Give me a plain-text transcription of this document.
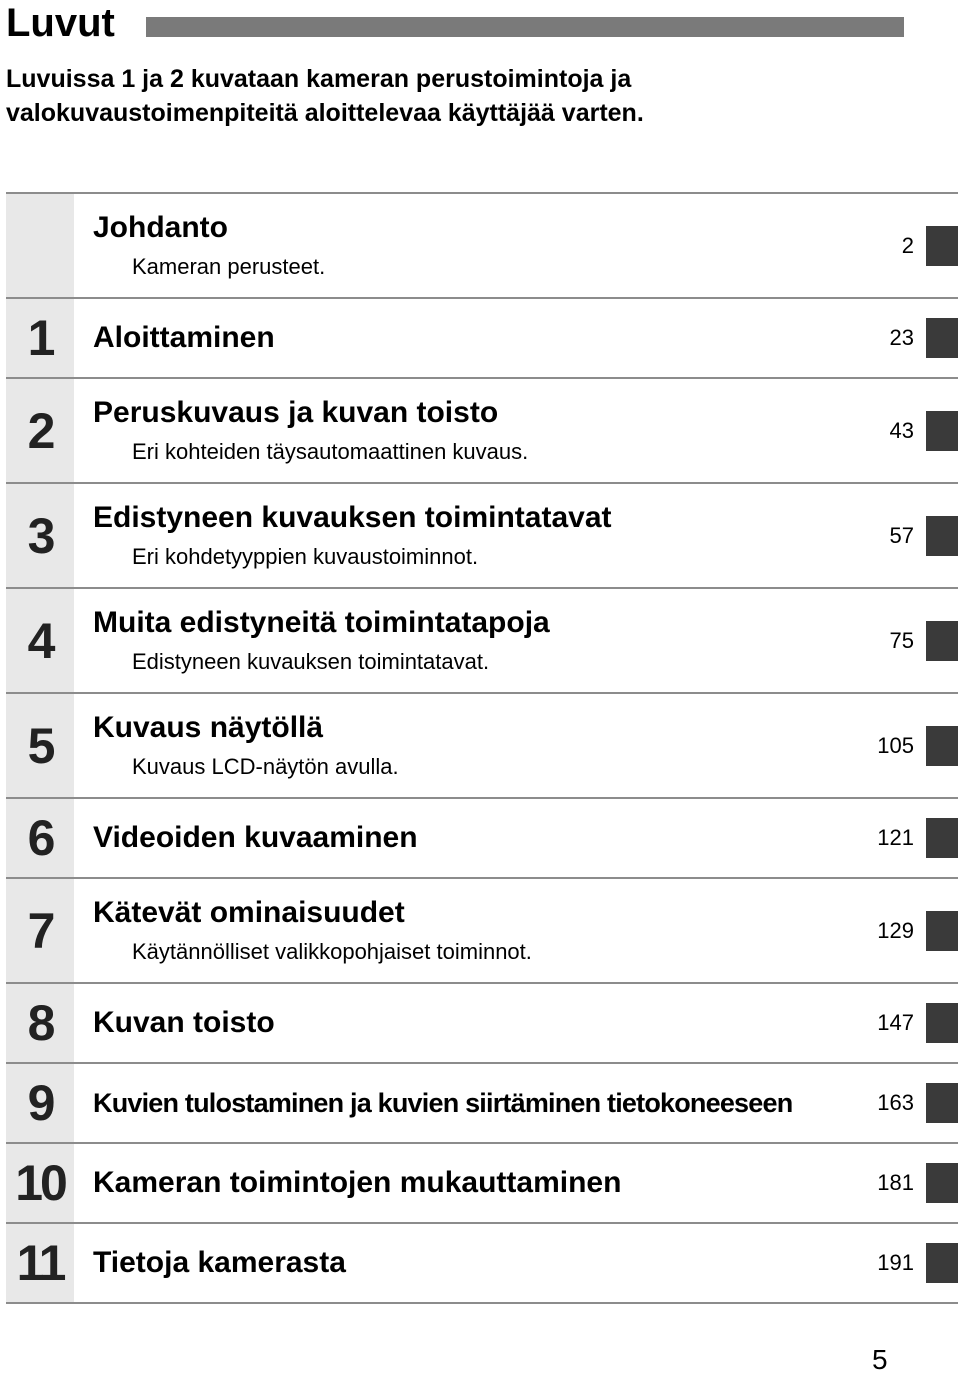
Luvut
Luvuissa 1 ja 2 kuvataan kameran perustoimintoja ja valokuvaustoimenpiteitä aloittelevaa käyttäjää varten.
Johdanto
Kameran perusteet.
2
1	Aloittaminen	23
2	Peruskuvaus ja kuvan toisto
Eri kohteiden täysautomaattinen kuvaus.
43
3	Edistyneen kuvauksen toimintatavat
Eri kohdetyyppien kuvaustoiminnot.
57
4	Muita edistyneitä toimintatapoja
Edistyneen kuvauksen toimintatavat.
75
5	Kuvaus näytöllä
Kuvaus LCD-näytön avulla.
105
6	Videoiden kuvaaminen	121
7	Kätevät ominaisuudet
Käytännölliset valikkopohjaiset toiminnot.
129
8	Kuvan toisto	147
9	Kuvien tulostaminen ja kuvien siirtäminen tietokoneeseen	163
10 Kameran toimintojen mukauttaminen	181
11 Tietoja kamerasta	191
5
